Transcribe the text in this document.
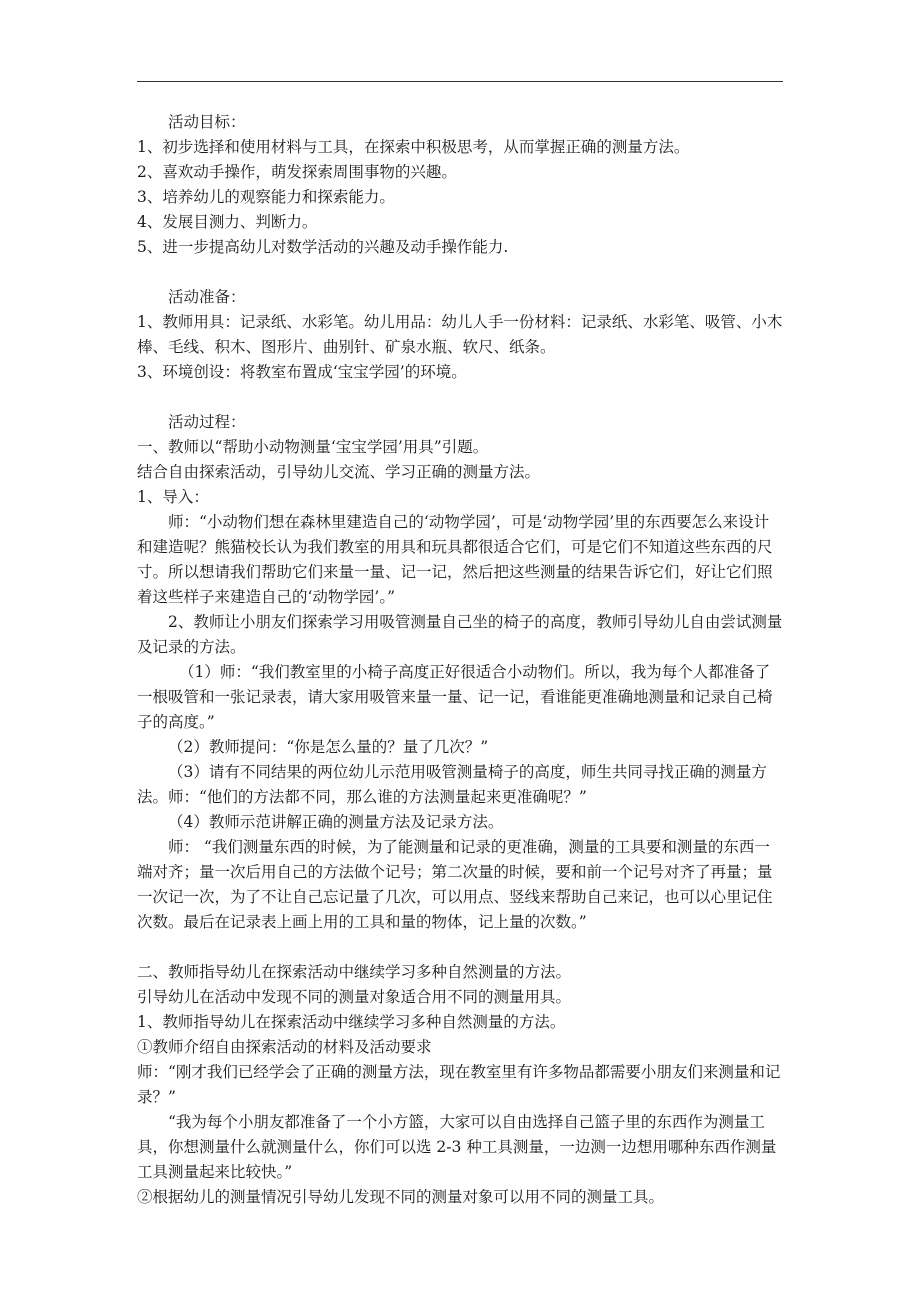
活动目标：

1、初步选择和使用材料与工具，在探索中积极思考，从而掌握正确的测量方法。

2、喜欢动手操作，萌发探索周围事物的兴趣。

3、培养幼儿的观察能力和探索能力。

4、发展目测力、判断力。

5、进一步提高幼儿对数学活动的兴趣及动手操作能力.

活动准备：

1、教师用具：记录纸、水彩笔。幼儿用品：幼儿人手一份材料：记录纸、水彩笔、吸管、小木棒、毛线、积木、图形片、曲别针、矿泉水瓶、软尺、纸条。

3、环境创设：将教室布置成‘宝宝学园’的环境。

活动过程：

一、教师以“帮助小动物测量‘宝宝学园’用具”引题。

结合自由探索活动，引导幼儿交流、学习正确的测量方法。

1、导入：

师：“小动物们想在森林里建造自己的‘动物学园’，可是‘动物学园’里的东西要怎么来设计和建造呢？熊猫校长认为我们教室的用具和玩具都很适合它们，可是它们不知道这些东西的尺寸。所以想请我们帮助它们来量一量、记一记，然后把这些测量的结果告诉它们，好让它们照着这些样子来建造自己的‘动物学园’。”

2、教师让小朋友们探索学习用吸管测量自己坐的椅子的高度，教师引导幼儿自由尝试测量及记录的方法。

（1）师：“我们教室里的小椅子高度正好很适合小动物们。所以，我为每个人都准备了一根吸管和一张记录表，请大家用吸管来量一量、记一记，看谁能更准确地测量和记录自己椅子的高度。”

（2）教师提问：“你是怎么量的？量了几次？”

（3）请有不同结果的两位幼儿示范用吸管测量椅子的高度，师生共同寻找正确的测量方法。师：“他们的方法都不同，那么谁的方法测量起来更准确呢？”

（4）教师示范讲解正确的测量方法及记录方法。

师： “我们测量东西的时候，为了能测量和记录的更准确，测量的工具要和测量的东西一端对齐；量一次后用自己的方法做个记号；第二次量的时候，要和前一个记号对齐了再量；量一次记一次，为了不让自己忘记量了几次，可以用点、竖线来帮助自己来记，也可以心里记住次数。最后在记录表上画上用的工具和量的物体，记上量的次数。”

二、教师指导幼儿在探索活动中继续学习多种自然测量的方法。

引导幼儿在活动中发现不同的测量对象适合用不同的测量用具。

1、教师指导幼儿在探索活动中继续学习多种自然测量的方法。

①教师介绍自由探索活动的材料及活动要求

师：“刚才我们已经学会了正确的测量方法，现在教室里有许多物品都需要小朋友们来测量和记录？”

“我为每个小朋友都准备了一个小方篮，大家可以自由选择自己篮子里的东西作为测量工具，你想测量什么就测量什么，你们可以选 2-3 种工具测量，一边测一边想用哪种东西作测量工具测量起来比较快。”

②根据幼儿的测量情况引导幼儿发现不同的测量对象可以用不同的测量工具。
